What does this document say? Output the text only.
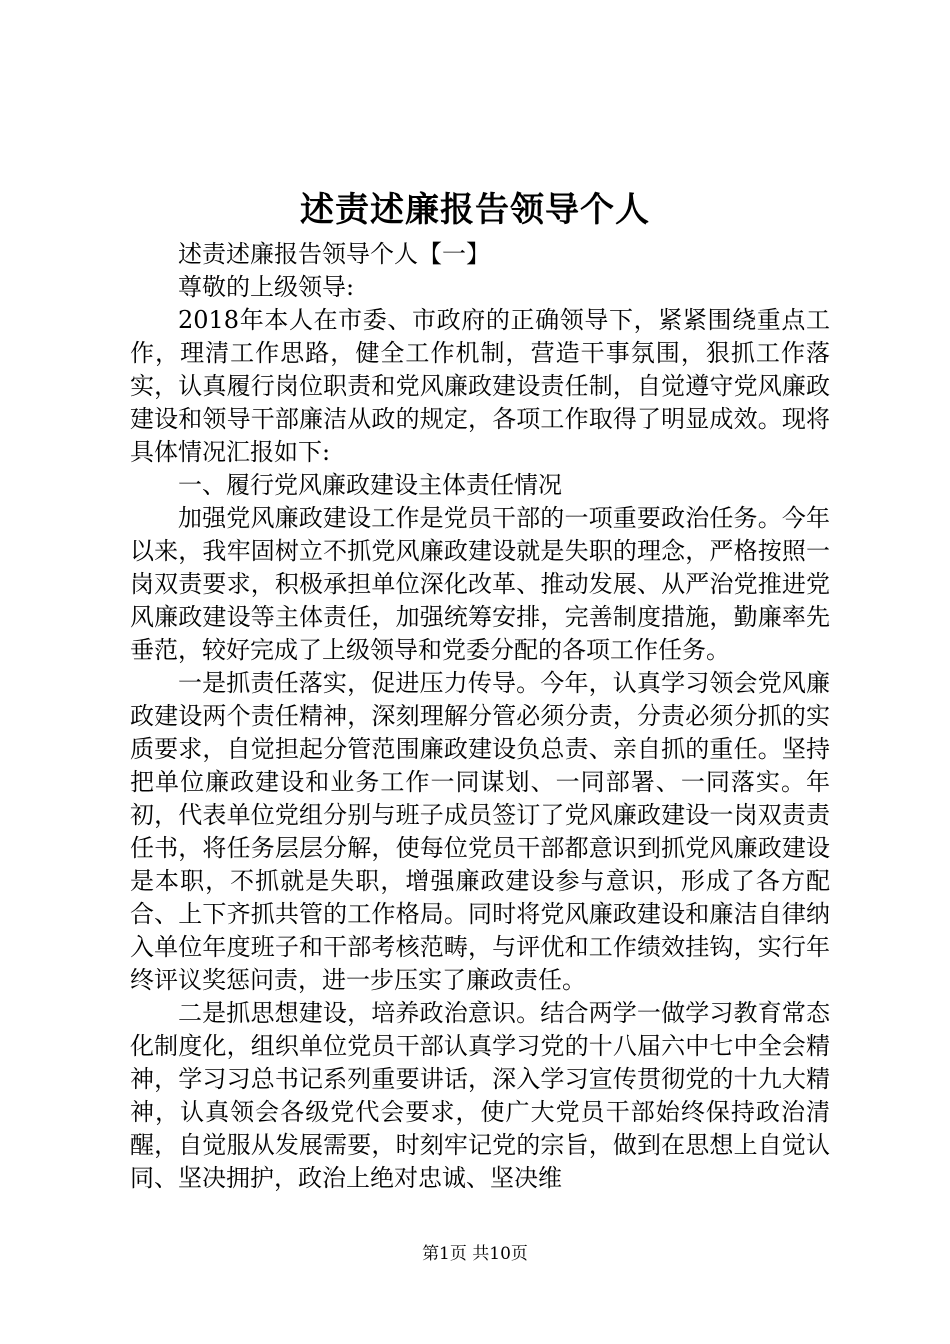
述责述廉报告领导个人

述责述廉报告领导个人【一】

尊敬的上级领导:

2018年本人在市委、市政府的正确领导下，紧紧围绕重点工作，理清工作思路，健全工作机制，营造干事氛围，狠抓工作落实，认真履行岗位职责和党风廉政建设责任制，自觉遵守党风廉政建设和领导干部廉洁从政的规定，各项工作取得了明显成效。现将具体情况汇报如下:

一、履行党风廉政建设主体责任情况

加强党风廉政建设工作是党员干部的一项重要政治任务。今年以来，我牢固树立不抓党风廉政建设就是失职的理念，严格按照一岗双责要求，积极承担单位深化改革、推动发展、从严治党推进党风廉政建设等主体责任，加强统筹安排，完善制度措施，勤廉率先垂范，较好完成了上级领导和党委分配的各项工作任务。

一是抓责任落实，促进压力传导。今年，认真学习领会党风廉政建设两个责任精神，深刻理解分管必须分责，分责必须分抓的实质要求，自觉担起分管范围廉政建设负总责、亲自抓的重任。坚持把单位廉政建设和业务工作一同谋划、一同部署、一同落实。年初，代表单位党组分别与班子成员签订了党风廉政建设一岗双责责任书，将任务层层分解，使每位党员干部都意识到抓党风廉政建设是本职，不抓就是失职，增强廉政建设参与意识，形成了各方配合、上下齐抓共管的工作格局。同时将党风廉政建设和廉洁自律纳入单位年度班子和干部考核范畴，与评优和工作绩效挂钩，实行年终评议奖惩问责，进一步压实了廉政责任。

二是抓思想建设，培养政治意识。结合两学一做学习教育常态化制度化，组织单位党员干部认真学习党的十八届六中七中全会精神，学习习总书记系列重要讲话，深入学习宣传贯彻党的十九大精神，认真领会各级党代会要求，使广大党员干部始终保持政治清醒，自觉服从发展需要，时刻牢记党的宗旨，做到在思想上自觉认同、坚决拥护，政治上绝对忠诚、坚决维

第1页 共10页
